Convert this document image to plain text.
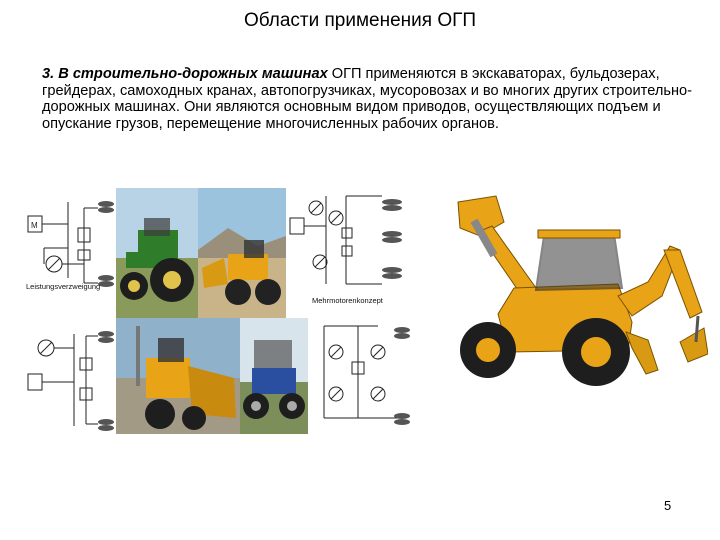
Области применения ОГП
3. В строительно-дорожных машинах ОГП применяются в экскаваторах, бульдозерах, грейдерах, самоходных кранах, автопогрузчиках, мусоровозах и во многих других строительно-дорожных машинах. Они являются основным видом приводов, осуществляющих подъем и опускание грузов, перемещение многочисленных рабочих органов.
M
Leistungsverzweigung
Mehrmotorenkonzept
5
